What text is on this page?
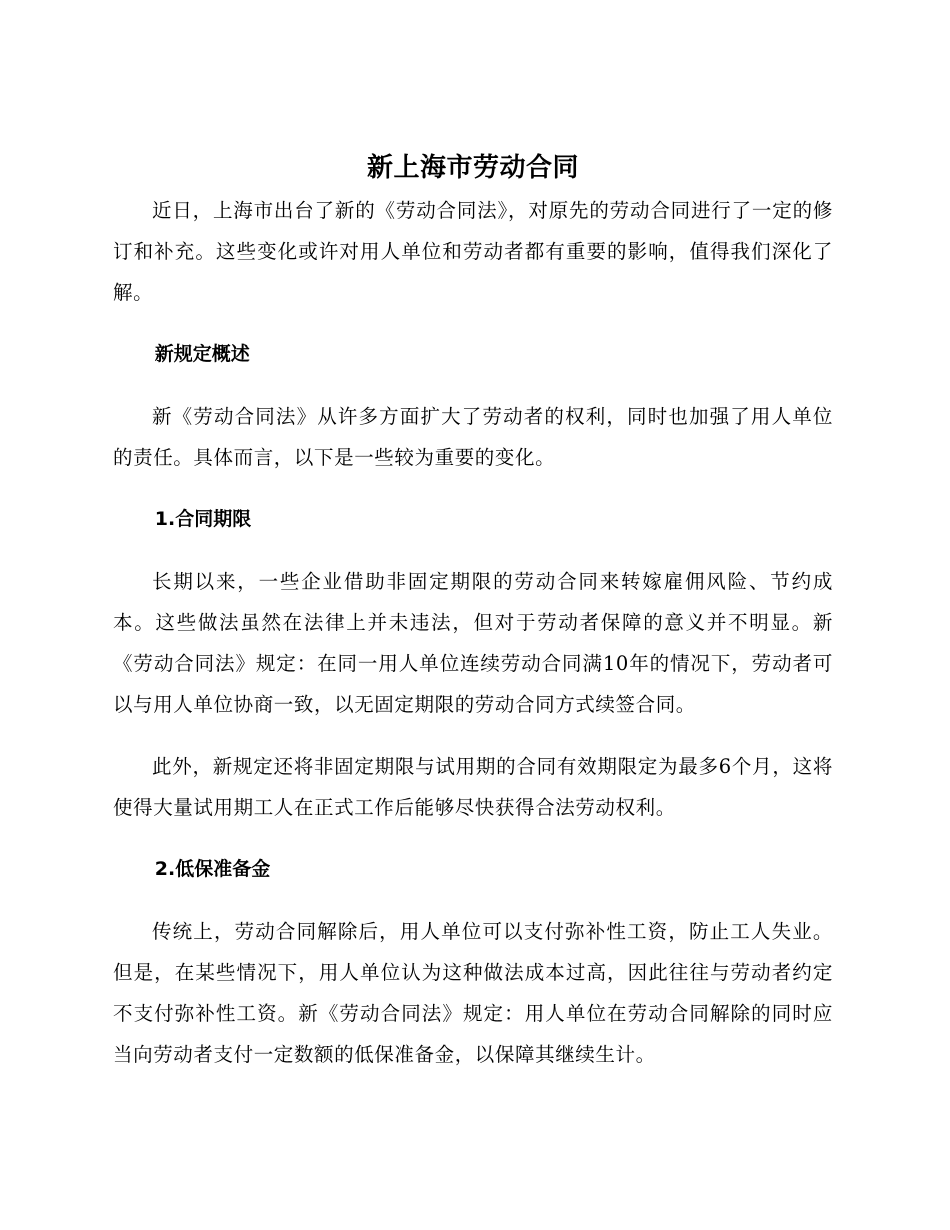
新上海市劳动合同

近日，上海市出台了新的《劳动合同法》，对原先的劳动合同进行了一定的修订和补充。这些变化或许对用人单位和劳动者都有重要的影响，值得我们深化了解。

新规定概述

新《劳动合同法》从许多方面扩大了劳动者的权利，同时也加强了用人单位的责任。具体而言，以下是一些较为重要的变化。

1.合同期限

长期以来，一些企业借助非固定期限的劳动合同来转嫁雇佣风险、节约成本。这些做法虽然在法律上并未违法，但对于劳动者保障的意义并不明显。新《劳动合同法》规定：在同一用人单位连续劳动合同满10年的情况下，劳动者可以与用人单位协商一致，以无固定期限的劳动合同方式续签合同。

此外，新规定还将非固定期限与试用期的合同有效期限定为最多6个月，这将使得大量试用期工人在正式工作后能够尽快获得合法劳动权利。

2.低保准备金

传统上，劳动合同解除后，用人单位可以支付弥补性工资，防止工人失业。但是，在某些情况下，用人单位认为这种做法成本过高，因此往往与劳动者约定不支付弥补性工资。新《劳动合同法》规定：用人单位在劳动合同解除的同时应当向劳动者支付一定数额的低保准备金，以保障其继续生计。
